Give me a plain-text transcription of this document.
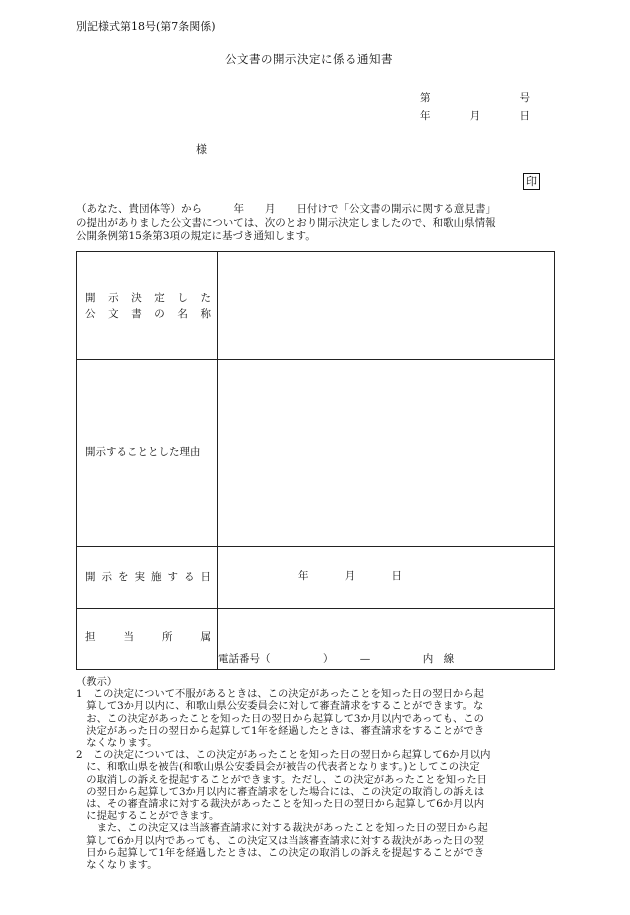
別記様式第18号(第7条関係)
公文書の開示決定に係る通知書
第	号
年	月	日
様
印

（あなた、貴団体等）から　　　年　　月　　日付けで「公文書の開示に関する意見書」

の提出がありました公文書については、次のとおり開示決定しましたので、和歌山県情報

公開条例第15条第3項の規定に基づき通知します。

開 示 決 定 し た
公 文 書 の 名 称
開示することとした理由
開 示 を 実 施 す る 日	年	月	日
担	当	所	属
電話番号（　　　　　）　　　—　　　　　内　線
（教示）
1　この決定について不服があるときは、この決定があったことを知った日の翌日から起
　算して3か月以内に、和歌山県公安委員会に対して審査請求をすることができます。な
　お、この決定があったことを知った日の翌日から起算して3か月以内であっても、この
　決定があった日の翌日から起算して1年を経過したときは、審査請求をすることができ
　なくなります。
2　この決定については、この決定があったことを知った日の翌日から起算して6か月以内
　に、和歌山県を被告(和歌山県公安委員会が被告の代表者となります。)としてこの決定
　の取消しの訴えを提起することができます。ただし、この決定があったことを知った日
　の翌日から起算して3か月以内に審査請求をした場合には、この決定の取消しの訴えは
　は、その審査請求に対する裁決があったことを知った日の翌日から起算して6か月以内
　に提起することができます。
　　また、この決定又は当該審査請求に対する裁決があったことを知った日の翌日から起
　算して6か月以内であっても、この決定又は当該審査請求に対する裁決があった日の翌
　日から起算して1年を経過したときは、この決定の取消しの訴えを提起することができ
　なくなります。
